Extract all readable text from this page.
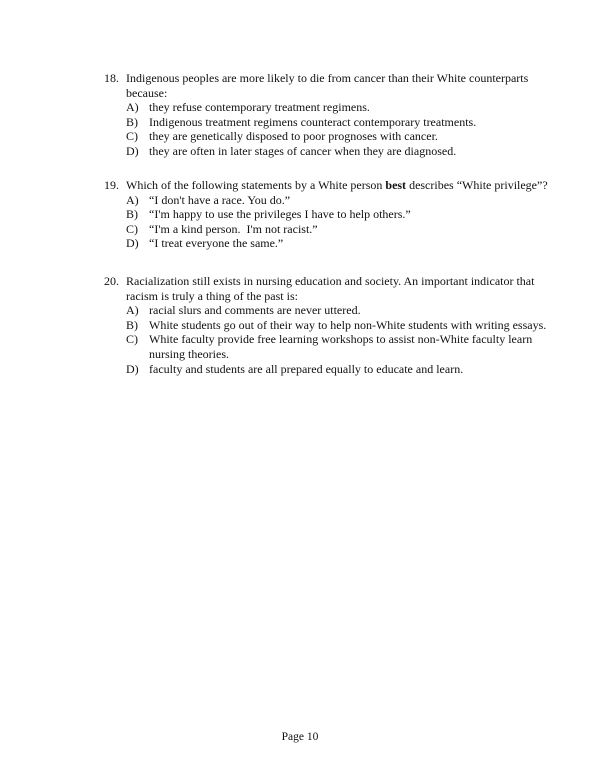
18. Indigenous peoples are more likely to die from cancer than their White counterparts because:
A) they refuse contemporary treatment regimens.
B) Indigenous treatment regimens counteract contemporary treatments.
C) they are genetically disposed to poor prognoses with cancer.
D) they are often in later stages of cancer when they are diagnosed.
19. Which of the following statements by a White person best describes “White privilege”?
A) “I don't have a race. You do.”
B) “I'm happy to use the privileges I have to help others.”
C) “I'm a kind person.  I'm not racist.”
D) “I treat everyone the same.”
20. Racialization still exists in nursing education and society. An important indicator that racism is truly a thing of the past is:
A) racial slurs and comments are never uttered.
B) White students go out of their way to help non-White students with writing essays.
C) White faculty provide free learning workshops to assist non-White faculty learn nursing theories.
D) faculty and students are all prepared equally to educate and learn.
Page 10
